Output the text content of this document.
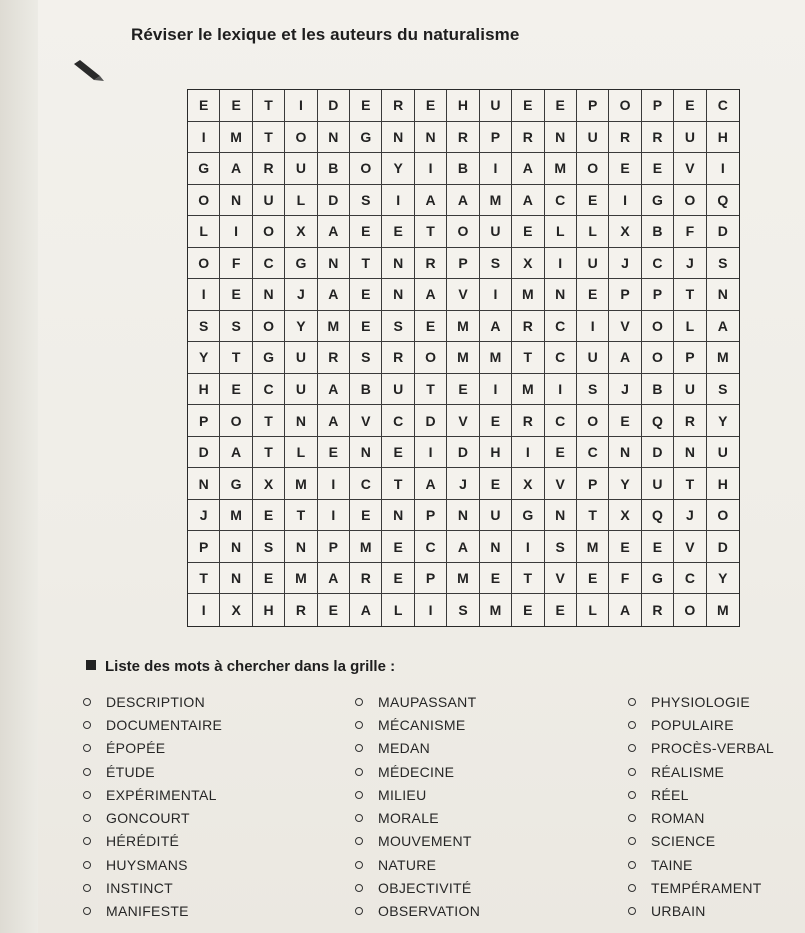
Réviser le lexique et les auteurs du naturalisme
E	E	T	I	D	E	R	E	H	U	E	E	P	O	P	E	C
I	M	T	O	N	G	N	N	R	P	R	N	U	R	R	U	H
G	A	R	U	B	O	Y	I	B	I	A	M	O	E	E	V	I
O	N	U	L	D	S	I	A	A	M	A	C	E	I	G	O	Q
L	I	O	X	A	E	E	T	O	U	E	L	L	X	B	F	D
O	F	C	G	N	T	N	R	P	S	X	I	U	J	C	J	S
I	E	N	J	A	E	N	A	V	I	M	N	E	P	P	T	N
S	S	O	Y	M	E	S	E	M	A	R	C	I	V	O	L	A
Y	T	G	U	R	S	R	O	M	M	T	C	U	A	O	P	M
H	E	C	U	A	B	U	T	E	I	M	I	S	J	B	U	S
P	O	T	N	A	V	C	D	V	E	R	C	O	E	Q	R	Y
D	A	T	L	E	N	E	I	D	H	I	E	C	N	D	N	U
N	G	X	M	I	C	T	A	J	E	X	V	P	Y	U	T	H
J	M	E	T	I	E	N	P	N	U	G	N	T	X	Q	J	O
P	N	S	N	P	M	E	C	A	N	I	S	M	E	E	V	D
T	N	E	M	A	R	E	P	M	E	T	V	E	F	G	C	Y
I	X	H	R	E	A	L	I	S	M	E	E	L	A	R	O	M
Liste des mots à chercher dans la grille :
DESCRIPTION
DOCUMENTAIRE
ÉPOPÉE
ÉTUDE
EXPÉRIMENTAL
GONCOURT
HÉRÉDITÉ
HUYSMANS
INSTINCT
MANIFESTE
MAUPASSANT
MÉCANISME
MEDAN
MÉDECINE
MILIEU
MORALE
MOUVEMENT
NATURE
OBJECTIVITÉ
OBSERVATION
PHYSIOLOGIE
POPULAIRE
PROCÈS-VERBAL
RÉALISME
RÉEL
ROMAN
SCIENCE
TAINE
TEMPÉRAMENT
URBAIN
